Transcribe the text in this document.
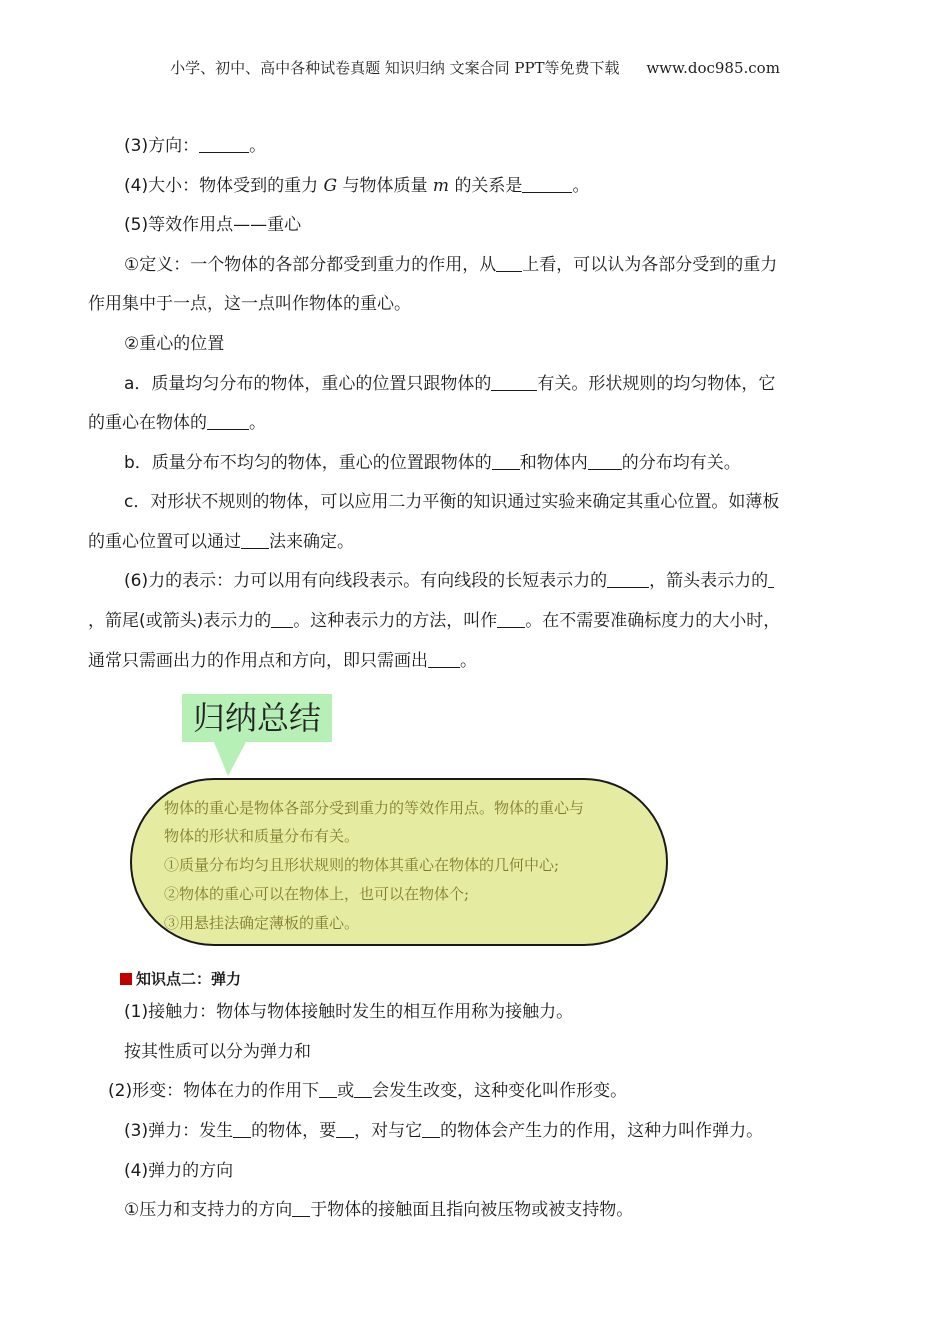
小学、初中、高中各种试卷真题 知识归纳 文案合同 PPT等免费下载 www.doc985.com
(3)方向：	。
(4)大小：物体受到的重力 G 与物体质量 m 的关系是	。
(5)等效作用点——重心
①定义：一个物体的各部分都受到重力的作用，从 上看，可以认为各部分受到的重力
作用集中于一点，这一点叫作物体的重心。
②重心的位置
a．质量均匀分布的物体，重心的位置只跟物体的	有关。形状规则的均匀物体，它
的重心在物体的 。
b．质量分布不均匀的物体，重心的位置跟物体的 和物体内 的分布均有关。
c．对形状不规则的物体，可以应用二力平衡的知识通过实验来确定其重心位置。如薄板
的重心位置可以通过 法来确定。
(6)力的表示：力可以用有向线段表示。有向线段的长短表示力的 ，箭头表示力的
，箭尾(或箭头)表示力的 。这种表示力的方法，叫作 。在不需要准确标度力的大小时，
通常只需画出力的作用点和方向，即只需画出 。
归纳总结
物体的重心是物体各部分受到重力的等效作用点。物体的重心与
物体的形状和质量分布有关。
①质量分布均匀且形状规则的物体其重心在物体的几何中心;
②物体的重心可以在物体上，也可以在物体个;
③用悬挂法确定薄板的重心。
知识点二：弹力
(1)接触力：物体与物体接触时发生的相互作用称为接触力。
按其性质可以分为弹力和
(2)形变：物体在力的作用下 或 会发生改变，这种变化叫作形变。
(3)弹力：发生 的物体，要 ，对与它 的物体会产生力的作用，这种力叫作弹力。
(4)弹力的方向
①压力和支持力的方向 于物体的接触面且指向被压物或被支持物。
